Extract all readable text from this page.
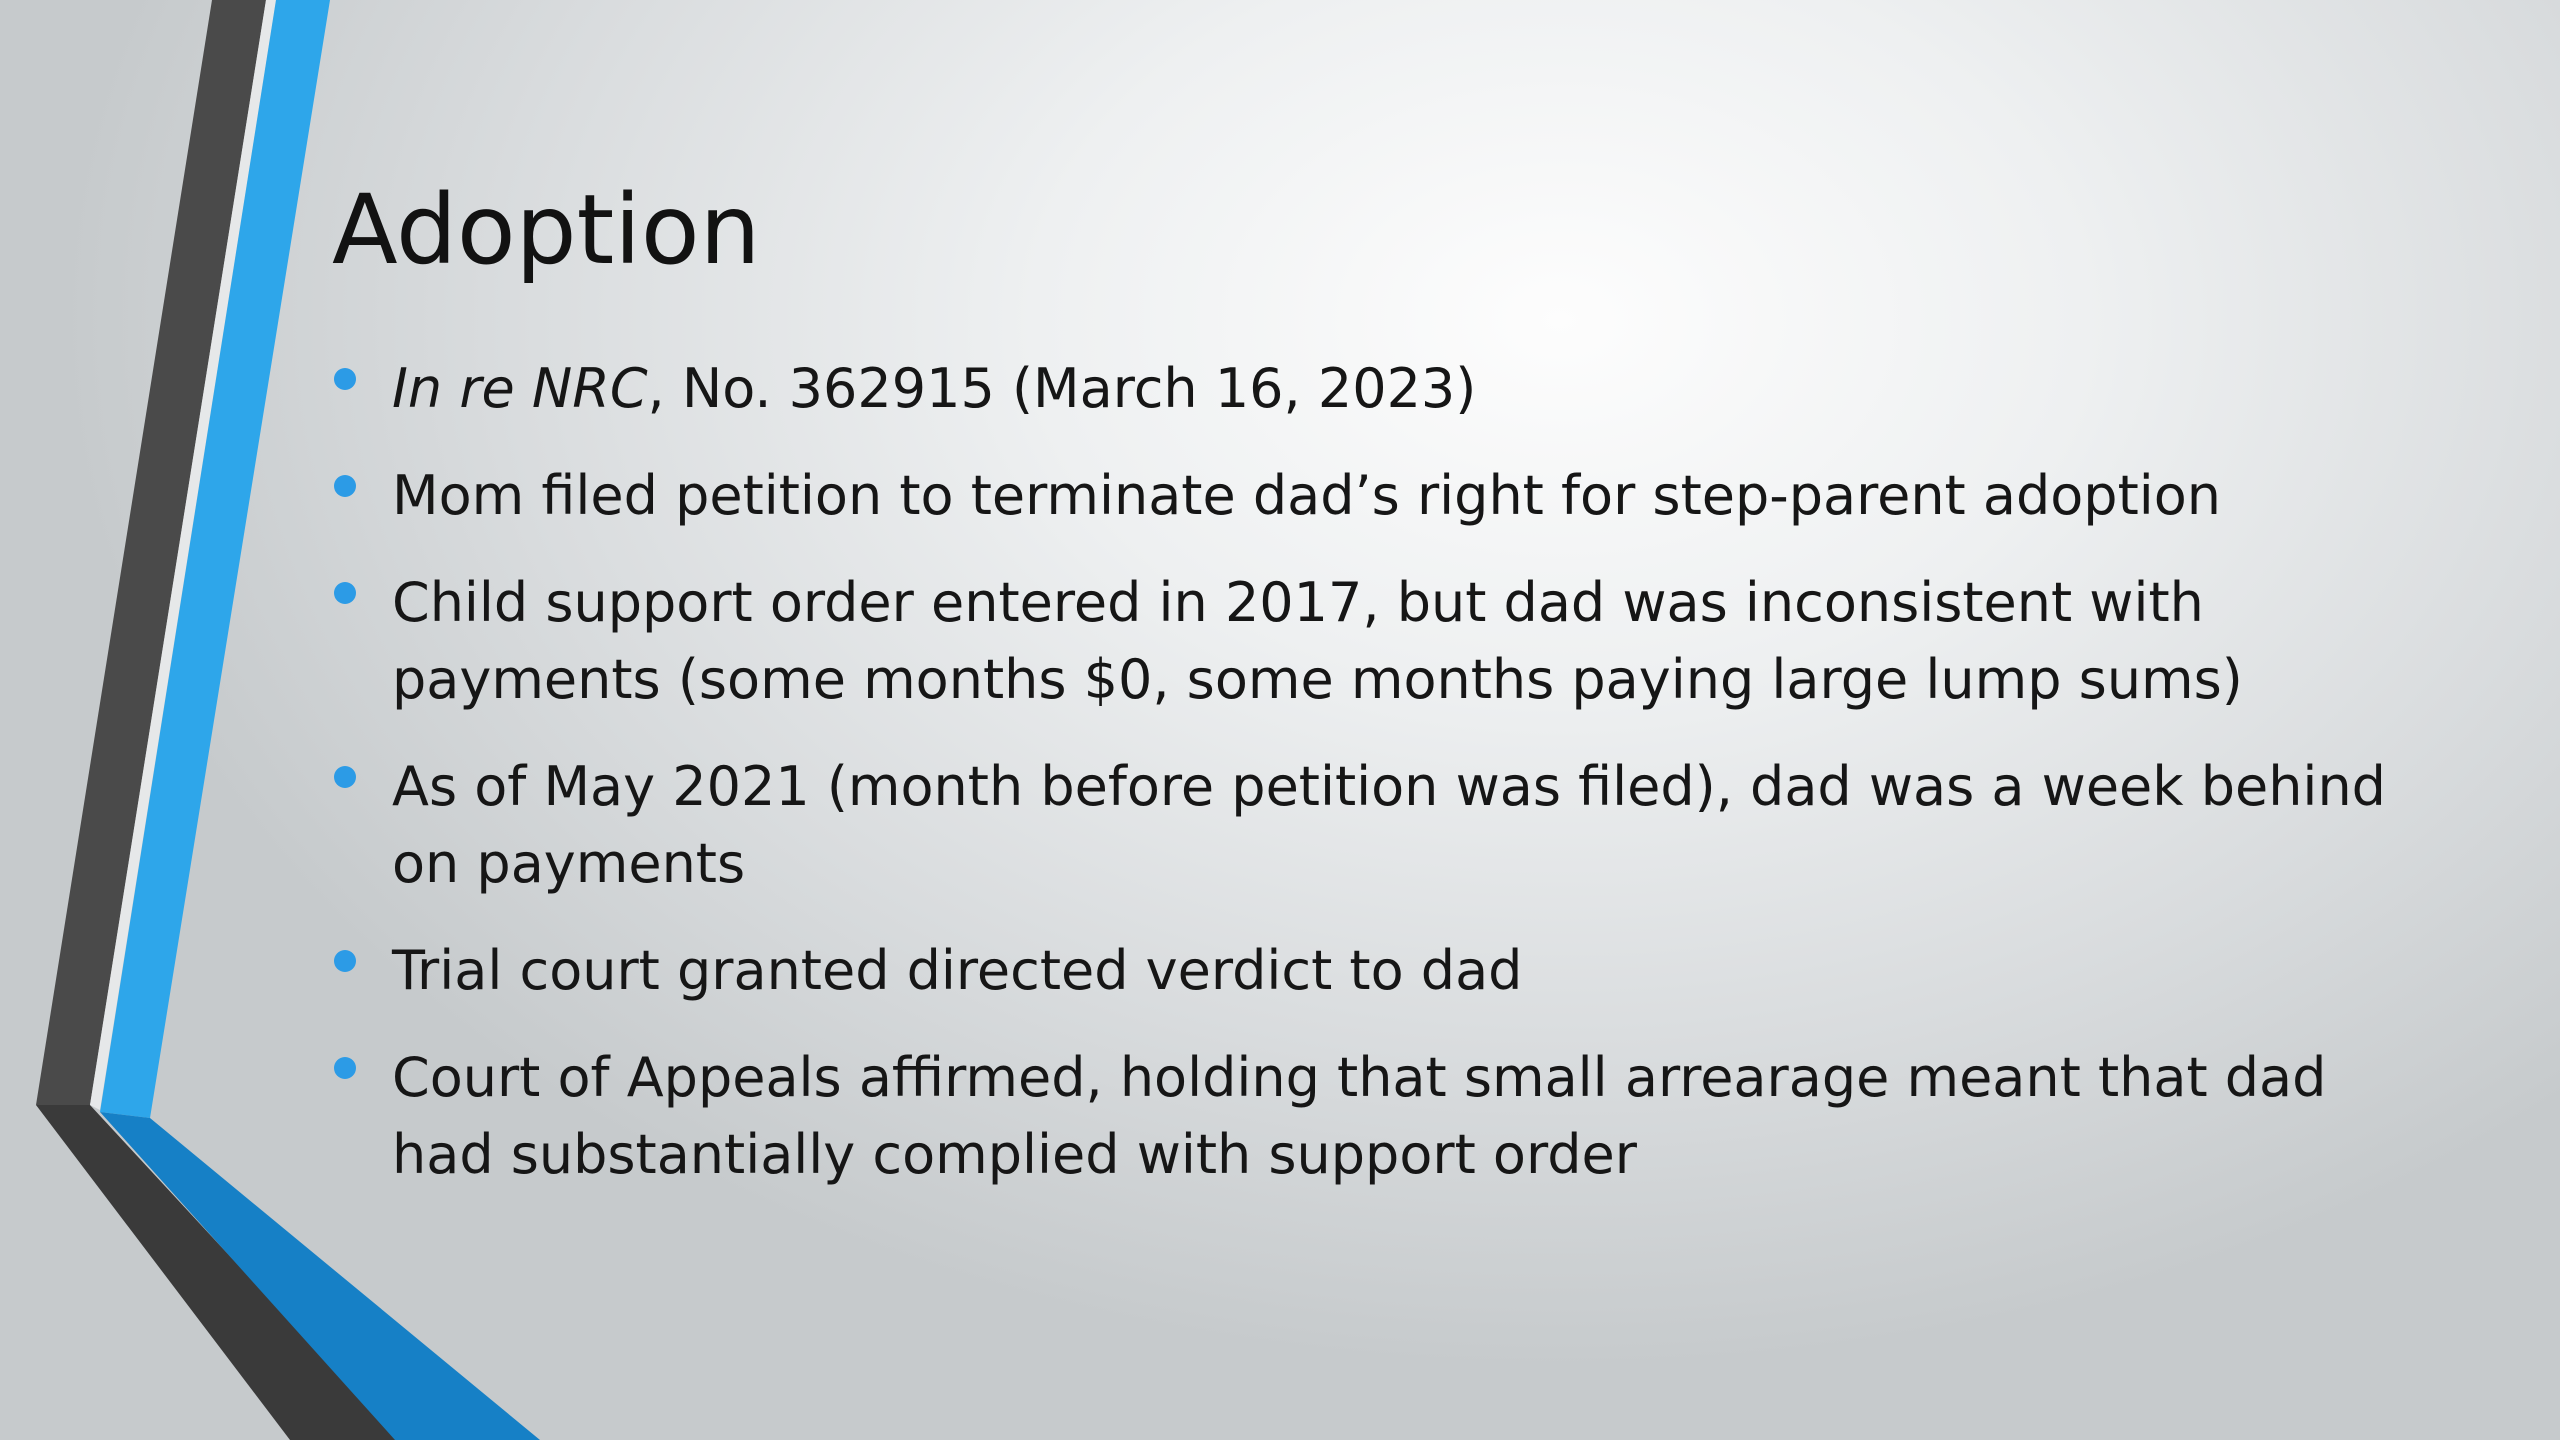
Adoption
In re NRC, No. 362915 (March 16, 2023)
Mom filed petition to terminate dad’s right for step-parent adoption
Child support order entered in 2017, but dad was inconsistent with payments (some months $0, some months paying large lump sums)
As of May 2021 (month before petition was filed), dad was a week behind on payments
Trial court granted directed verdict to dad
Court of Appeals affirmed, holding that small arrearage meant that dad had substantially complied with support order
